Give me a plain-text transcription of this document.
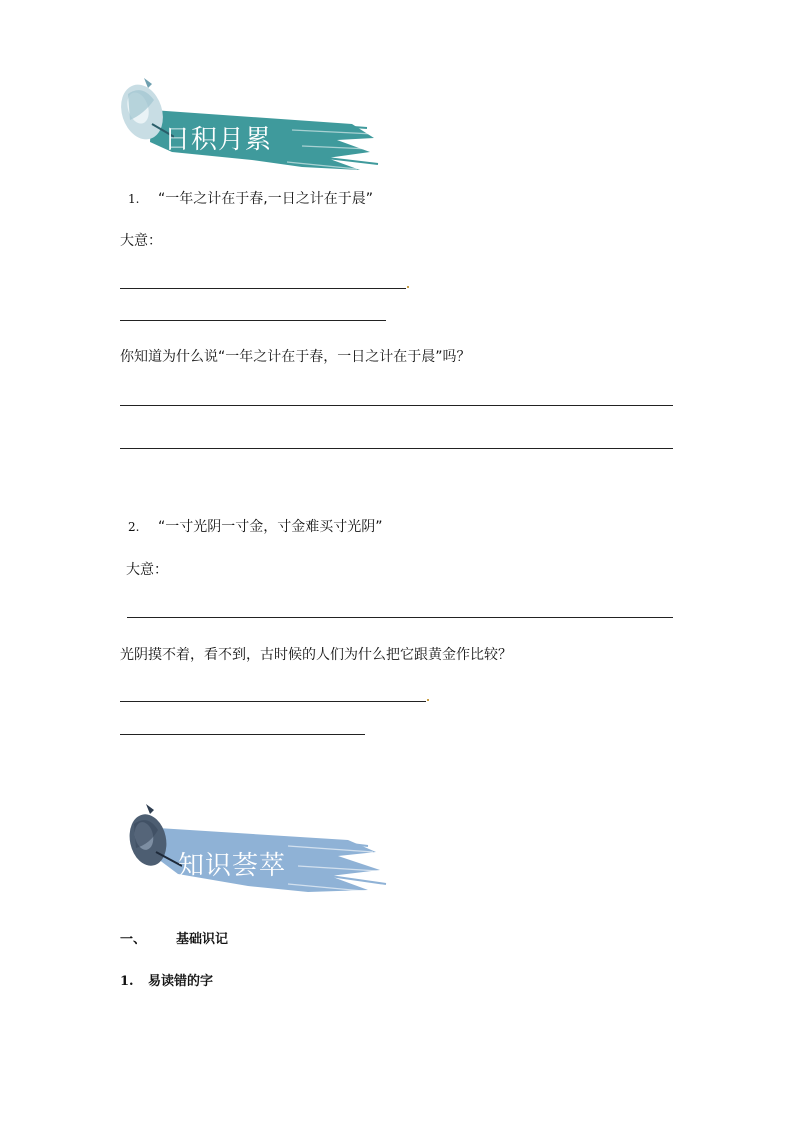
日积月累
1. “一年之计在于春,一日之计在于晨”
大意：
你知道为什么说“一年之计在于春，一日之计在于晨”吗？
2. “一寸光阴一寸金，寸金难买寸光阴”
大意：
光阴摸不着，看不到，古时候的人们为什么把它跟黄金作比较？
知识荟萃
一、 基础识记
1. 易读错的字
